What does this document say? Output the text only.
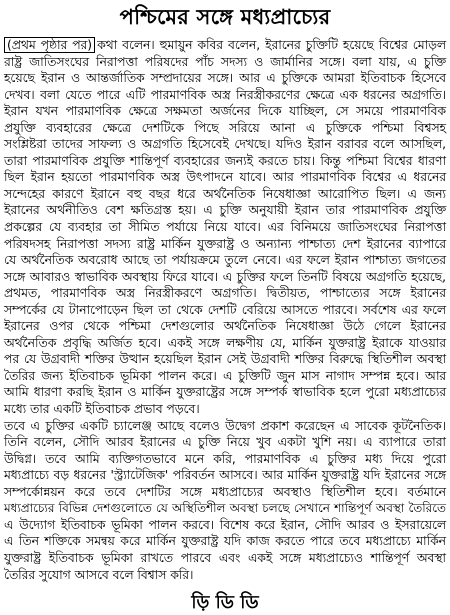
পশ্চিমের সঙ্গে মধ্যপ্রাচ্যের
(প্রথম পৃষ্ঠার পর) কথা বলেন। হুমায়ুন কবির বলেন, ইরানের চুক্তিটি হয়েছে বিশ্বের মোড়ল
রাষ্ট্র জাতিসংঘের নিরাপত্তা পরিষদের পাঁচ সদস্য ও জার্মানির সঙ্গে। বলা যায়, এ চুক্তি
হয়েছে ইরান ও আন্তর্জাতিক সম্প্রদায়ের সঙ্গে। আর এ চুক্তিকে আমরা ইতিবাচক হিসেবে
দেখব। বলা যেতে পারে এটি পারমাণবিক অস্ত্র নিরস্ত্রীকরণের ক্ষেত্রে এক ধরনের অগ্রগতি।
ইরান যখন পারমাণবিক ক্ষেত্রে সক্ষমতা অর্জনের দিকে যাচ্ছিল, সে সময়ে পারমাণবিক
প্রযুক্তি ব্যবহারের ক্ষেত্রে দেশটিকে পিছে সরিয়ে আনা এ চুক্তিকে পশ্চিমা বিশ্বসহ
সংশ্লিষ্টরা তাদের সাফল্য ও অগ্রগতি হিসেবেই দেখছে। যদিও ইরান বরাবর বলে আসছিল,
তারা পারমাণবিক প্রযুক্তি শান্তিপূর্ণ ব্যবহারের জন্যই করতে চায়। কিন্তু পশ্চিমা বিশ্বের ধারণা
ছিল ইরান হয়তো পারমাণবিক অস্ত্র উৎপাদনে যাবে। আর পারমাণবিক বিশ্বের এ ধরনের
সন্দেহের কারণে ইরানে বহু বছর ধরে অর্থনৈতিক নিষেধাজ্ঞা আরোপিত ছিল। এ জন্য
ইরানের অর্থনীতিও বেশ ক্ষতিগ্রস্ত হয়। এ চুক্তি অনুযায়ী ইরান তার পারমাণবিক প্রযুক্তি
প্রকল্পের যে ব্যবহার তা সীমিত পর্যায়ে নিয়ে যাবে। এর বিনিময়ে জাতিসংঘের নিরাপত্তা
পরিষদসহ নিরাপত্তা সদস্য রাষ্ট্র মার্কিন যুক্তরাষ্ট্র ও অন্যান্য পাশ্চাত্য দেশ ইরানের ব্যাপারে
যে অর্থনৈতিক অবরোধ আছে তা পর্যায়ক্রমে তুলে নেবে। এর ফলে ইরান পাশ্চাত্য জগতের
সঙ্গে আবারও স্বাভাবিক অবস্থায় ফিরে যাবে। এ চুক্তির ফলে তিনটি বিষয়ে অগ্রগতি হয়েছে,
প্রথমত, পারমাণবিক অস্ত্র নিরস্ত্রীকরণে অগ্রগতি। দ্বিতীয়ত, পাশ্চাত্যের সঙ্গে ইরানের
সম্পর্কের যে টানাপোড়েন ছিল তা থেকে দেশটি বেরিয়ে আসতে পারবে। সর্বশেষ এর ফলে
ইরানের ওপর থেকে পশ্চিমা দেশগুলোর অর্থনৈতিক নিষেধাজ্ঞা উঠে গেলে ইরানের
অর্থনৈতিক প্রবৃদ্ধি অর্জিত হবে। একই সঙ্গে লক্ষণীয় যে, মার্কিন যুক্তরাষ্ট্র ইরাকে যাওয়ার
পর যে উগ্রবাদী শক্তির উত্থান হয়েছিল ইরান সেই উগ্রবাদী শক্তির বিরুদ্ধে স্থিতিশীল অবস্থা
তৈরির জন্য ইতিবাচক ভূমিকা পালন করে। এ চুক্তিটি জুন মাস নাগাদ সম্পন্ন হবে। আর
আমি ধারণা করছি ইরান ও মার্কিন যুক্তরাষ্ট্রের সঙ্গে সম্পর্ক স্বাভাবিক হলে পুরো মধ্যপ্রাচ্যের
মধ্যে তার একটি ইতিবাচক প্রভাব পড়বে।
তবে এ চুক্তির একটি চ্যালেঞ্জ আছে বলেও উদ্বেগ প্রকাশ করেছেন এ সাবেক কূটনৈতিক।
তিনি বলেন, সৌদি আরব ইরানের এ চুক্তি নিয়ে খুব একটা খুশি নয়। এ ব্যাপারে তারা
উদ্বিগ্ন। তবে আমি ব্যক্তিগতভাবে মনে করি, পারমাণবিক এ চুক্তির মধ্য দিয়ে পুরো
মধ্যপ্রাচ্যে বড় ধরনের 'স্ট্র্যাটেজিক' পরিবর্তন আসবে। আর মার্কিন যুক্তরাষ্ট্র যদি ইরানের সঙ্গে
সম্পর্কোন্নয়ন করে তবে দেশটির সঙ্গে মধ্যপ্রাচ্যের অবস্থাও স্থিতিশীল হবে। বর্তমানে
মধ্যপ্রাচ্যের বিভিন্ন দেশগুলোতে যে অস্থিতিশীল অবস্থা চলছে সেখানে শান্তিপূর্ণ অবস্থা তৈরিতে
এ উদ্যোগ ইতিবাচক ভূমিকা পালন করবে। বিশেষ করে ইরান, সৌদি আরব ও ইসরায়েলে
এ তিন শক্তিকে সমন্বয় করে মার্কিন যুক্তরাষ্ট্র যদি কাজ করতে পারে তবে মধ্যপ্রাচ্যে মার্কিন
যুক্তরাষ্ট্র ইতিবাচক ভূমিকা রাখতে পারবে এবং একই সঙ্গে মধ্যপ্রাচ্যেও শান্তিপূর্ণ অবস্থা
তৈরির সুযোগ আসবে বলে বিশ্বাস করি।
ড়ি ডি ডি
